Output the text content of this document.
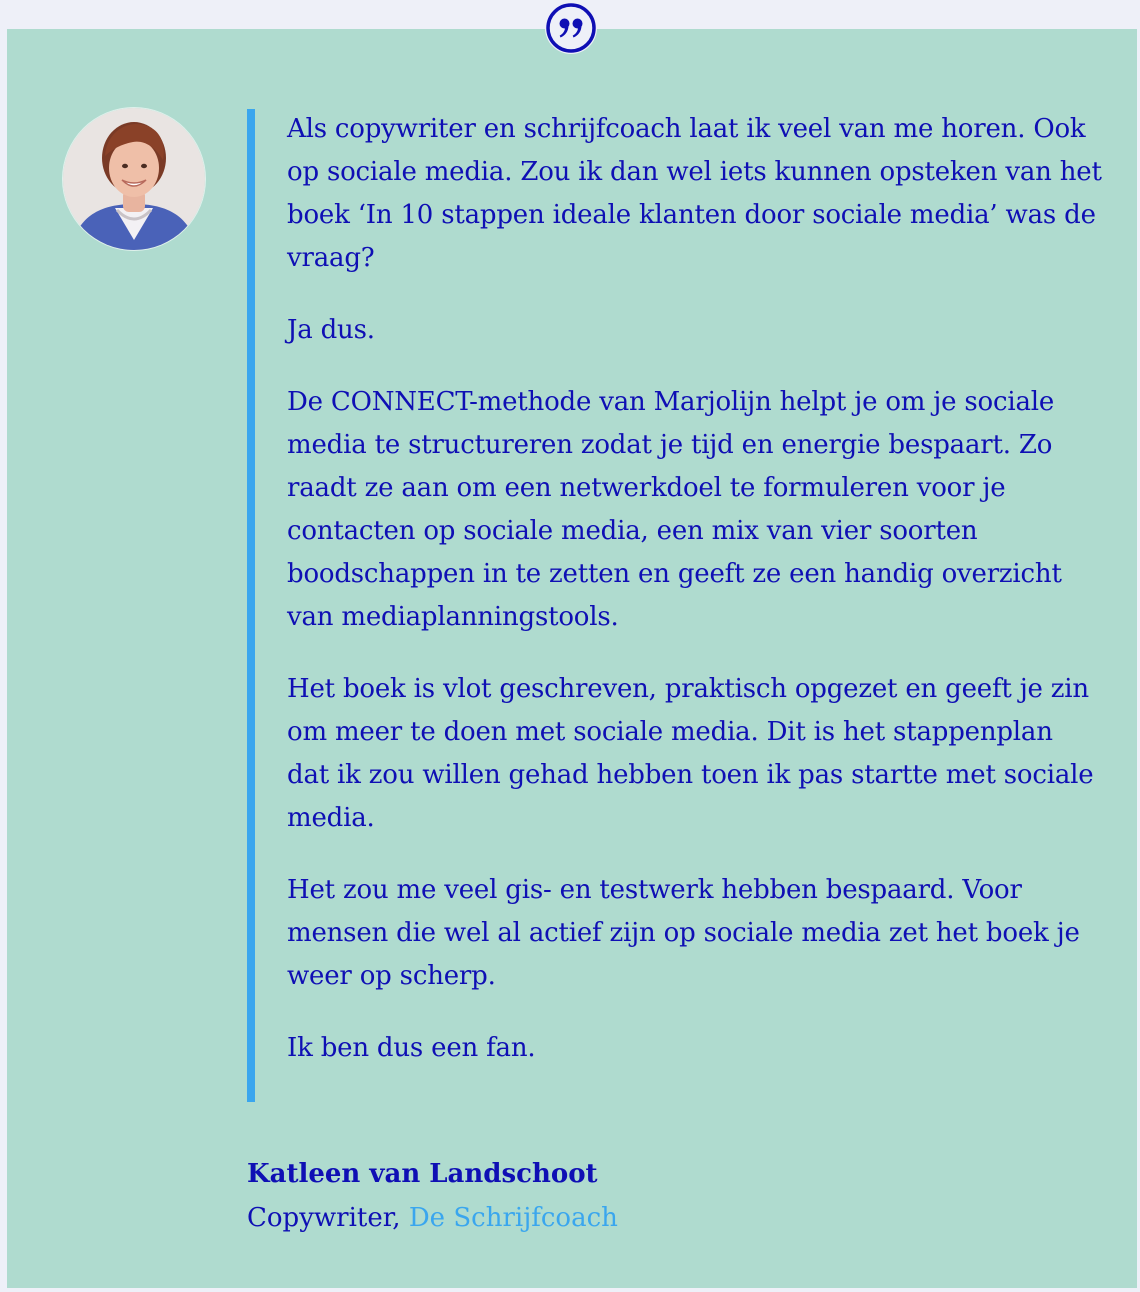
Als copywriter en schrijfcoach laat ik veel van me horen. Ook op sociale media. Zou ik dan wel iets kunnen opsteken van het boek ‘In 10 stappen ideale klanten door sociale media’ was de vraag?

Ja dus.

De CONNECT-methode van Marjolijn helpt je om je sociale media te structureren zodat je tijd en energie bespaart. Zo raadt ze aan om een netwerkdoel te formuleren voor je contacten op sociale media, een mix van vier soorten boodschappen in te zetten en geeft ze een handig overzicht van mediaplanningstools.

Het boek is vlot geschreven, praktisch opgezet en geeft je zin om meer te doen met sociale media. Dit is het stappenplan dat ik zou willen gehad hebben toen ik pas startte met sociale media.

Het zou me veel gis- en testwerk hebben bespaard. Voor mensen die wel al actief zijn op sociale media zet het boek je weer op scherp.

Ik ben dus een fan.

Katleen van Landschoot
Copywriter, De Schrijfcoach
